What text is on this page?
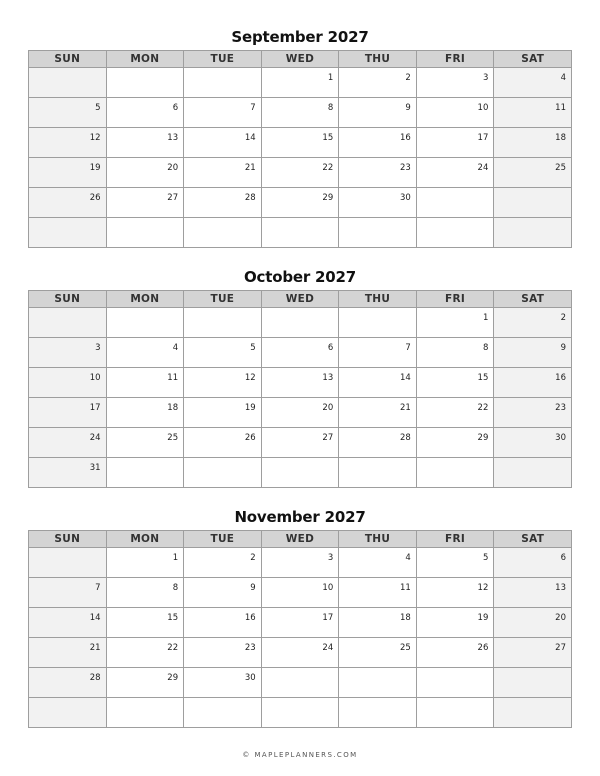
September 2027
SUN	MON	TUE	WED	THU	FRI	SAT
			1	2	3	4
5	6	7	8	9	10	11
12	13	14	15	16	17	18
19	20	21	22	23	24	25
26	27	28	29	30		

October 2027
SUN	MON	TUE	WED	THU	FRI	SAT
					1	2
3	4	5	6	7	8	9
10	11	12	13	14	15	16
17	18	19	20	21	22	23
24	25	26	27	28	29	30
31						
November 2027
SUN	MON	TUE	WED	THU	FRI	SAT
	1	2	3	4	5	6
7	8	9	10	11	12	13
14	15	16	17	18	19	20
21	22	23	24	25	26	27
28	29	30				

© MAPLEPLANNERS.COM
